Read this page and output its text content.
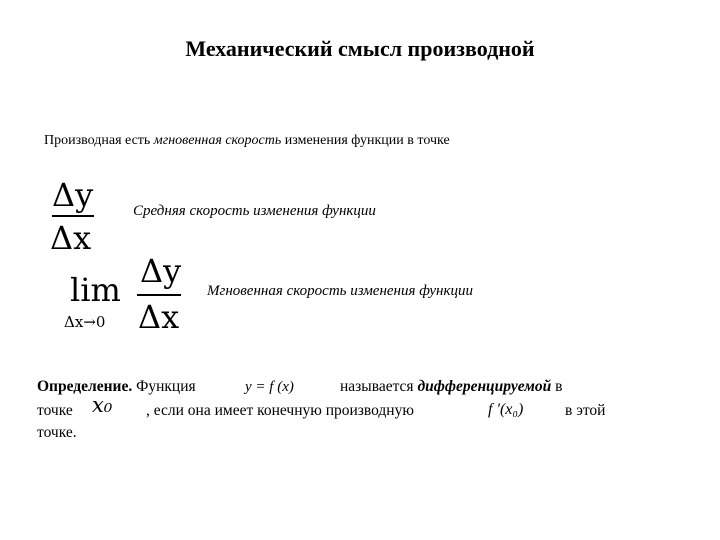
Механический смысл производной
Производная есть мгновенная скорость изменения функции в точке
Δy
Δx
Средняя скорость изменения функции
lim
Δx→0
Δy
Δx
Мгновенная скорость изменения функции
Определение. Функция	y = f (x)	называется дифференцируемой в
точке x₀ , если она имеет конечную производную	f ′(x₀)	в этой
точке.
